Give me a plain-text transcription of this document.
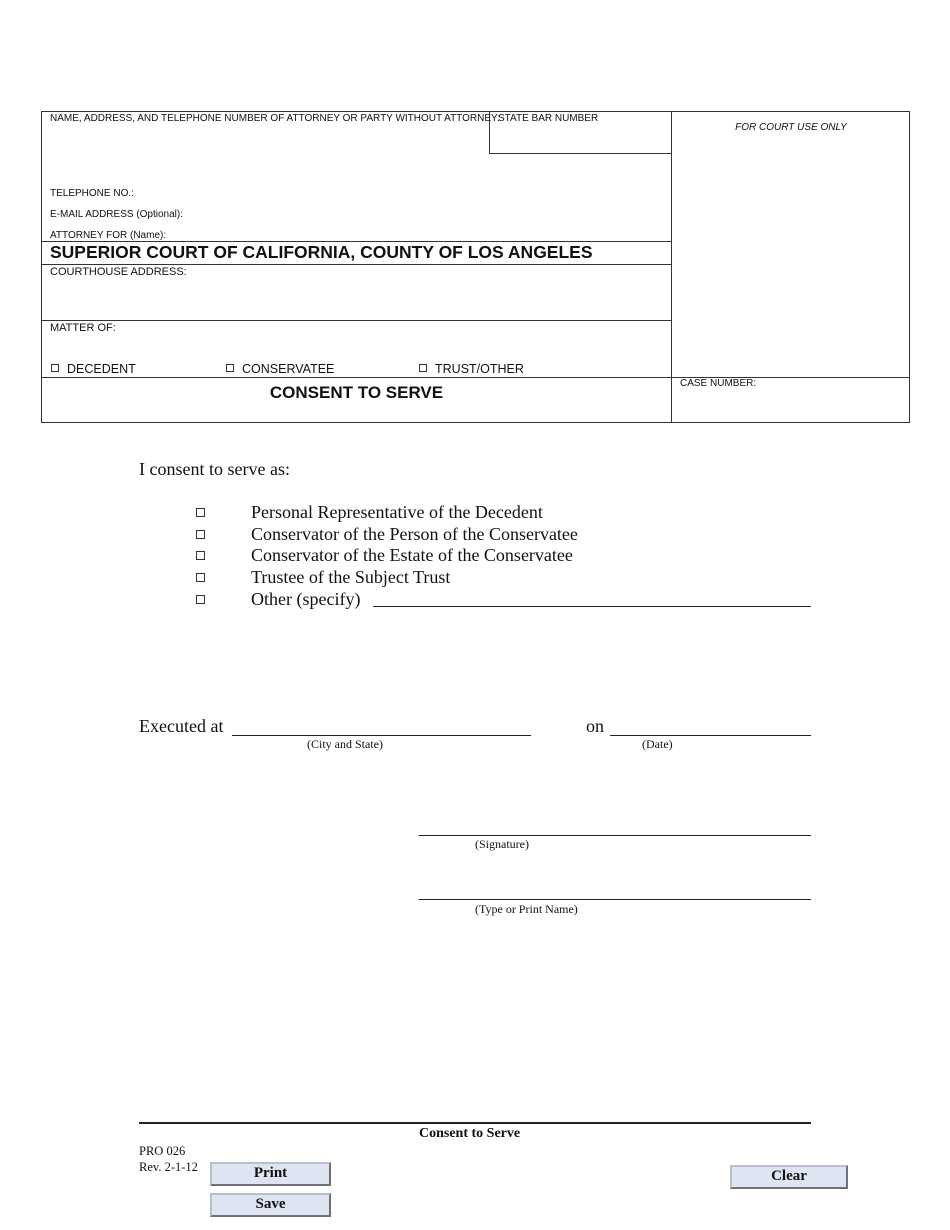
NAME, ADDRESS, AND TELEPHONE NUMBER OF ATTORNEY OR PARTY WITHOUT ATTORNEY:
STATE BAR NUMBER
FOR COURT USE ONLY
TELEPHONE NO.:
E-MAIL ADDRESS (Optional):
ATTORNEY FOR (Name):
SUPERIOR COURT OF CALIFORNIA, COUNTY OF LOS ANGELES
COURTHOUSE ADDRESS:
MATTER OF:
DECEDENT	CONSERVATEE	TRUST/OTHER
CONSENT TO SERVE	CASE NUMBER:
I consent to serve as:
Personal Representative of the Decedent
Conservator of the Person of the Conservatee
Conservator of the Estate of the Conservatee
Trustee of the Subject Trust
Other (specify)
Executed at
(City and State)
on
(Date)
(Signature)
(Type or Print Name)
Consent to Serve
PRO 026
Rev. 2-1-12	Print
Save
Clear
